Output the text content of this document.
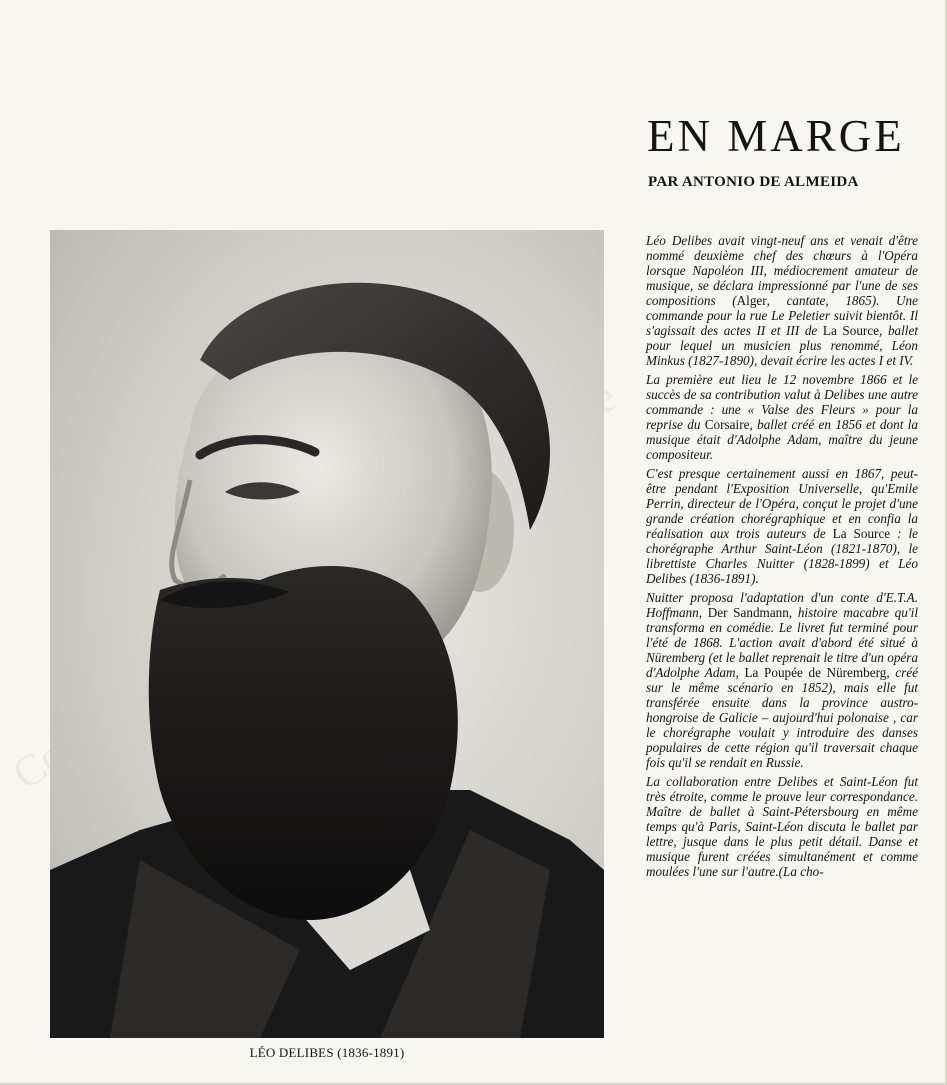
EN MARGE
PAR ANTONIO DE ALMEIDA

LÉO DELIBES (1836-1891)

Léo Delibes avait vingt-neuf ans et venait d'être nommé deuxième chef des chœurs à l'Opéra lorsque Napoléon III, médiocrement amateur de musique, se déclara impressionné par l'une de ses compositions (Alger, cantate, 1865). Une commande pour la rue Le Peletier suivit bientôt. Il s'agissait des actes II et III de La Source, ballet pour lequel un musicien plus renommé, Léon Minkus (1827-1890), devait écrire les actes I et IV.

La première eut lieu le 12 novembre 1866 et le succès de sa contribution valut à Delibes une autre commande : une « Valse des Fleurs » pour la reprise du Corsaire, ballet créé en 1856 et dont la musique était d'Adolphe Adam, maître du jeune compositeur.

C'est presque certainement aussi en 1867, peut-être pendant l'Exposition Universelle, qu'Emile Perrin, directeur de l'Opéra, conçut le projet d'une grande création chorégraphique et en confia la réalisation aux trois auteurs de La Source : le chorégraphe Arthur Saint-Léon (1821-1870), le librettiste Charles Nuitter (1828-1899) et Léo Delibes (1836-1891).

Nuitter proposa l'adaptation d'un conte d'E.T.A. Hoffmann, Der Sandmann, histoire macabre qu'il transforma en comédie. Le livret fut terminé pour l'été de 1868. L'action avait d'abord été situé à Nüremberg (et le ballet reprenait le titre d'un opéra d'Adolphe Adam, La Poupée de Nüremberg, créé sur le même scénario en 1852), mais elle fut transférée ensuite dans la province austro-hongroise de Galicie – aujourd'hui polonaise , car le chorégraphe voulait y introduire des danses populaires de cette région qu'il traversait chaque fois qu'il se rendait en Russie.

La collaboration entre Delibes et Saint-Léon fut très étroite, comme le prouve leur correspondance. Maître de ballet à Saint-Pétersbourg en même temps qu'à Paris, Saint-Léon discuta le ballet par lettre, jusque dans le plus petit détail. Danse et musique furent créées simultanément et comme moulées l'une sur l'autre.(La cho-
